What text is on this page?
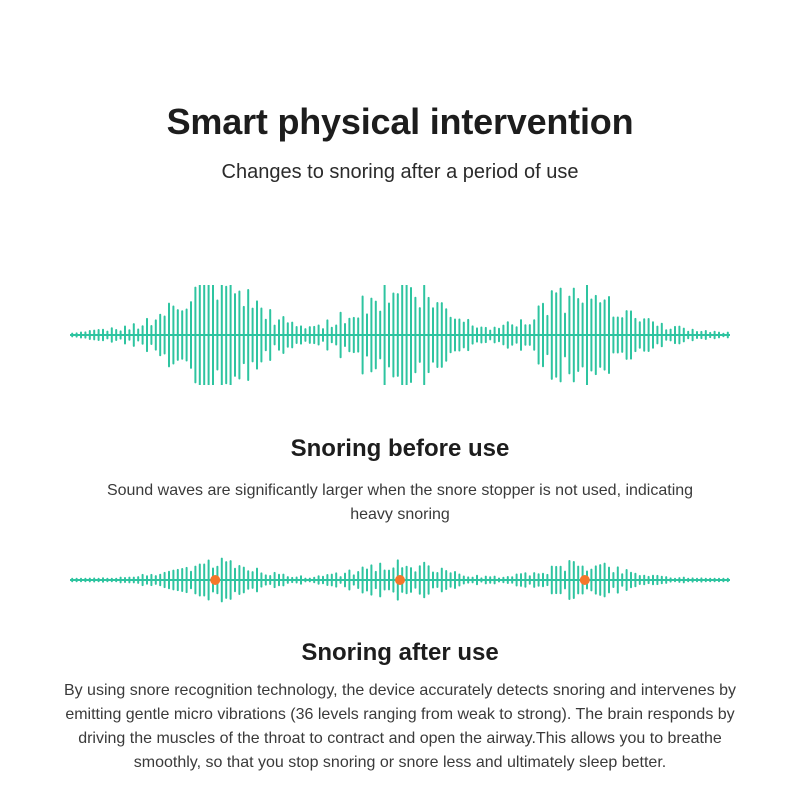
Smart physical intervention

Changes to snoring after a period of use

Snoring before use

Sound waves are significantly larger when the snore stopper is not used, indicating heavy snoring

Snoring after use

By using snore recognition technology, the device accurately detects snoring and intervenes by emitting gentle micro vibrations (36 levels ranging from weak to strong). The brain responds by driving the muscles of the throat to contract and open the airway.This allows you to breathe smoothly, so that you stop snoring or snore less and ultimately sleep better.
